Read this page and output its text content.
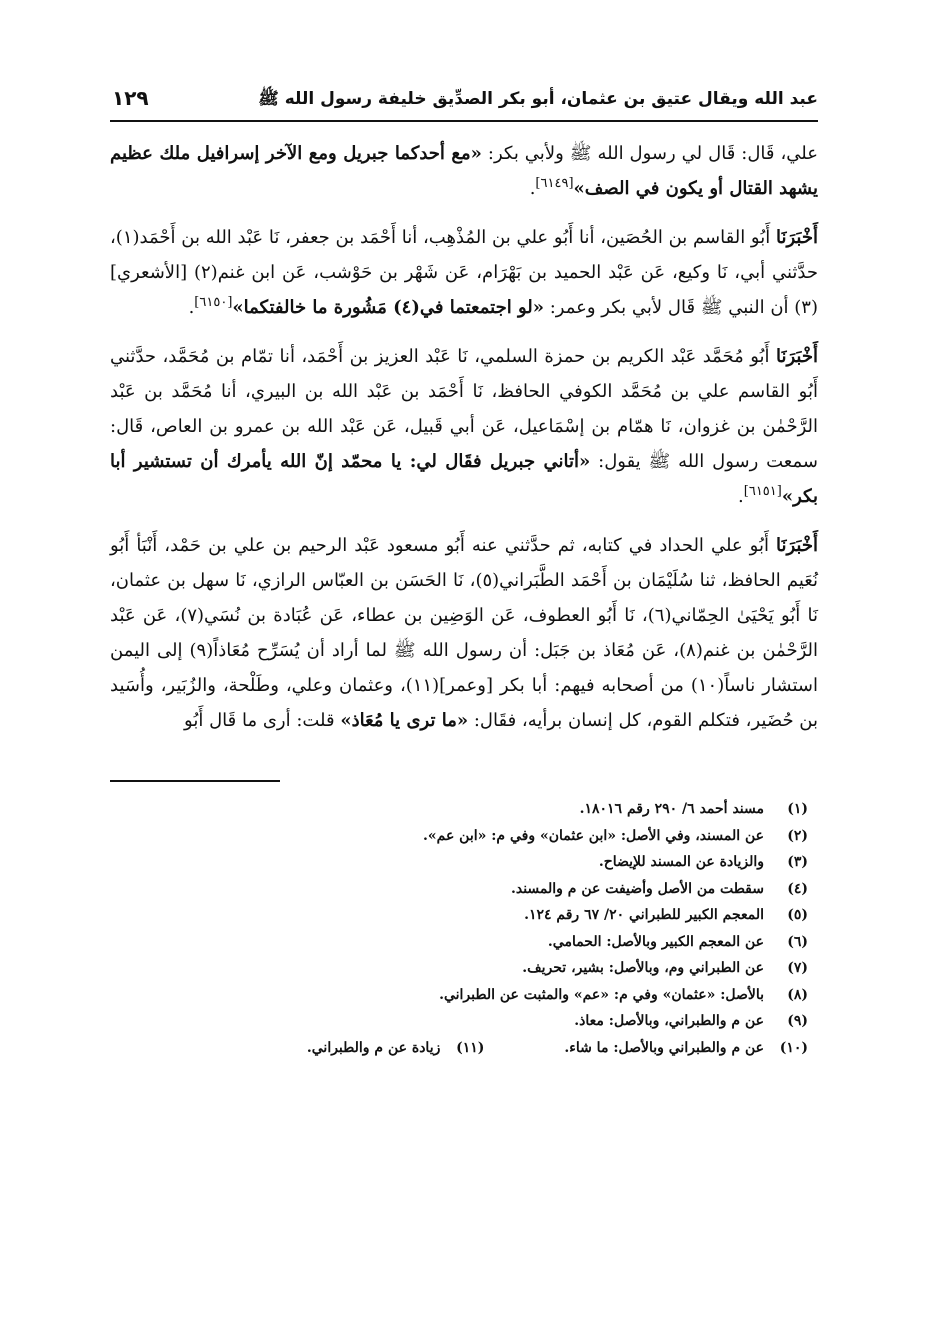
عبد الله ويقال عتيق بن عثمان، أبو بكر الصدِّيق خليفة رسول الله ﷺ
١٢٩

علي، قَال: قَال لي رسول الله ﷺ ولأبي بكر: «مع أحدكما جبريل ومع الآخر إسرافيل ملك عظيم يشهد القتال أو يكون في الصف»[٦١٤٩].

أَخْبَرَنَا أَبُو القاسم بن الحُصَين، أنا أَبُو علي بن المُذْهِب، أنا أَحْمَد بن جعفر، نَا عَبْد الله بن أَحْمَد(١)، حدَّثني أبي، نَا وكيع، عَن عَبْد الحميد بن بَهْرَام، عَن شَهْر بن حَوْشب، عَن ابن غنم(٢) [الأشعري](٣) أن النبي ﷺ قَال لأبي بكر وعمر: «لو اجتمعتما في(٤) مَشُورة ما خالفتكما»[٦١٥٠].

أَخْبَرَنَا أَبُو مُحَمَّد عَبْد الكريم بن حمزة السلمي، نَا عَبْد العزيز بن أَحْمَد، أنا تمّام بن مُحَمَّد، حدَّثني أَبُو القاسم علي بن مُحَمَّد الكوفي الحافظ، نَا أَحْمَد بن عَبْد الله بن البيري، أنا مُحَمَّد بن عَبْد الرَّحْمٰن بن غزوان، نَا همّام بن إسْمَاعيل، عَن أبي قَبيل، عَن عَبْد الله بن عمرو بن العاص، قَال: سمعت رسول الله ﷺ يقول: «أتاني جبريل فقَال لي: يا محمّد إنّ الله يأمرك أن تستشير أبا بكر»[٦١٥١].

أَخْبَرَنَا أَبُو علي الحداد في كتابه، ثم حدَّثني عنه أَبُو مسعود عَبْد الرحيم بن علي بن حَمْد، أَنْبَأ أَبُو نُعَيم الحافظ، ثنا سُلَيْمَان بن أَحْمَد الطَّبَراني(٥)، نَا الحَسَن بن العبّاس الرازي، نَا سهل بن عثمان، نَا أَبُو يَحْيَىٰ الحِمّاني(٦)، نَا أَبُو العطوف، عَن الوَضِين بن عطاء، عَن عُبَادة بن نُسَي(٧)، عَن عَبْد الرَّحْمٰن بن غنم(٨)، عَن مُعَاذ بن جَبَل: أن رسول الله ﷺ لما أراد أن يُسَرِّح مُعَاذاً(٩) إلى اليمن استشار ناساً(١٠) من أصحابه فيهم: أبا بكر [وعمر](١١)، وعثمان وعلي، وطَلْحة، والزُبَير، وأُسَيد بن حُضَير، فتكلم القوم، كل إنسان برأيه، فقَال: «ما ترى يا مُعَاذ» قلت: أرى ما قَال أَبُو

(١)
مسند أحمد ٦/ ٢٩٠ رقم ١٨٠١٦.
(٢)
عن المسند، وفي الأصل: «ابن عثمان» وفي م: «ابن عم».
(٣)
والزيادة عن المسند للإيضاح.
(٤)
سقطت من الأصل وأضيفت عن م والمسند.
(٥)
المعجم الكبير للطبراني ٢٠/ ٦٧ رقم ١٢٤.
(٦)
عن المعجم الكبير وبالأصل: الحمامي.
(٧)
عن الطبراني وم، وبالأصل: بشير، تحريف.
(٨)
بالأصل: «عثمان» وفي م: «عم» والمثبت عن الطبراني.
(٩)
عن م والطبراني، وبالأصل: معاذ.
(١٠)
عن م والطبراني وبالأصل: ما شاء.
(١١)
زيادة عن م والطبراني.
